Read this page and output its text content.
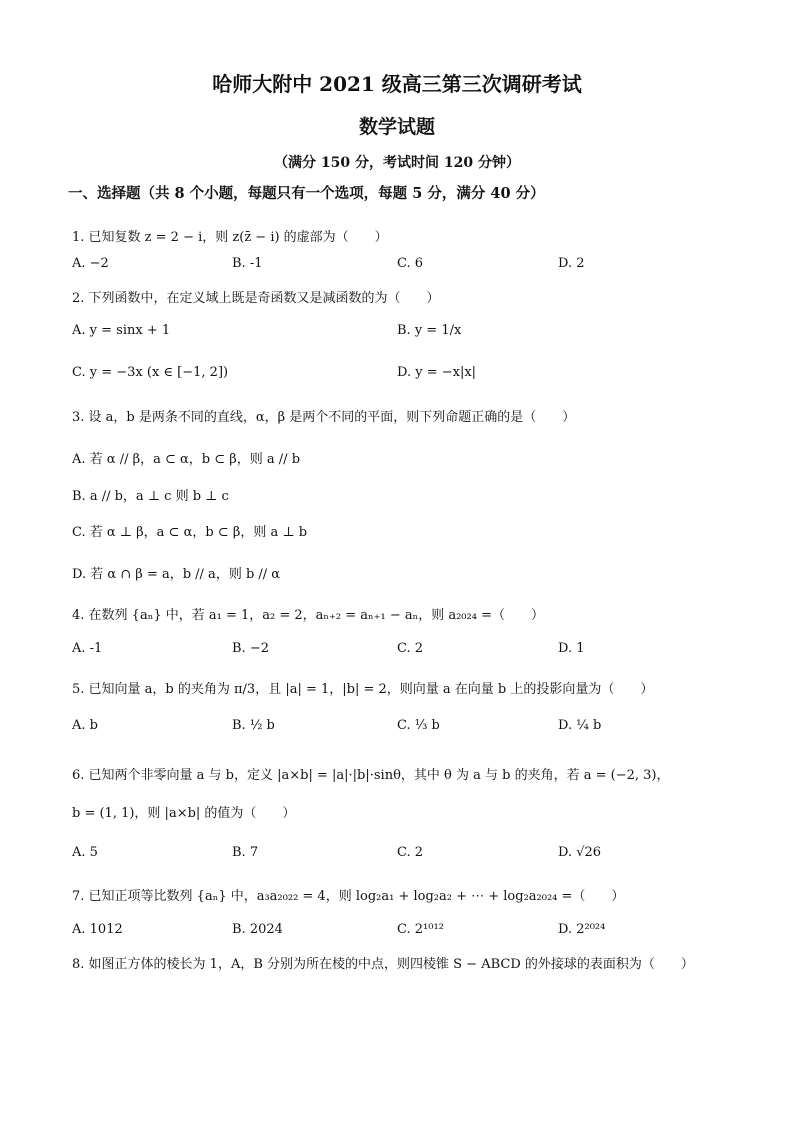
哈师大附中 2021 级高三第三次调研考试
数学试题
（满分 150 分，考试时间 120 分钟）
一、选择题（共 8 个小题，每题只有一个选项，每题 5 分，满分 40 分）
1. 已知复数 z = 2 − i，则 z(z̄ − i) 的虚部为（　　）
A. −2	B. -1	C. 6	D. 2
2. 下列函数中，在定义域上既是奇函数又是减函数的为（　　）
A. y = sinx + 1	B. y = 1/x
C. y = −3x (x ∈ [−1, 2])	D. y = −x|x|
3. 设 a，b 是两条不同的直线，α，β 是两个不同的平面，则下列命题正确的是（　　）
A. 若 α // β，a ⊂ α，b ⊂ β，则 a // b
B. a // b，a ⊥ c 则 b ⊥ c
C. 若 α ⊥ β，a ⊂ α，b ⊂ β，则 a ⊥ b
D. 若 α ∩ β = a，b // a，则 b // α
4. 在数列 {aₙ} 中，若 a₁ = 1，a₂ = 2，aₙ₊₂ = aₙ₊₁ − aₙ，则 a₂₀₂₄ =（　　）
A. -1	B. −2	C. 2	D. 1
5. 已知向量 a，b 的夹角为 π/3，且 |a| = 1，|b| = 2，则向量 a 在向量 b 上的投影向量为（　　）
A. b	B. ½ b	C. ⅓ b	D. ¼ b
6. 已知两个非零向量 a 与 b，定义 |a×b| = |a|·|b|·sinθ，其中 θ 为 a 与 b 的夹角，若 a = (−2, 3)，
b = (1, 1)，则 |a×b| 的值为（　　）
A. 5	B. 7	C. 2	D. √26
7. 已知正项等比数列 {aₙ} 中，a₃a₂₀₂₂ = 4，则 log₂a₁ + log₂a₂ + ⋯ + log₂a₂₀₂₄ =（　　）
A. 1012	B. 2024	C. 2¹⁰¹²	D. 2²⁰²⁴
8. 如图正方体的棱长为 1，A，B 分别为所在棱的中点，则四棱锥 S − ABCD 的外接球的表面积为（　　）
